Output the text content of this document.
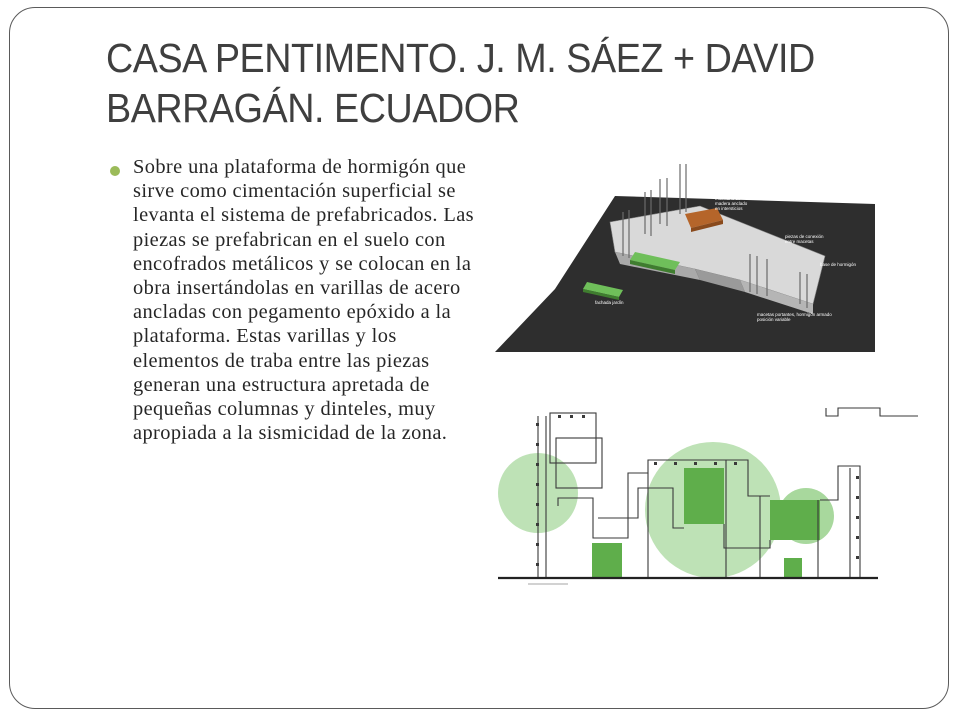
CASA PENTIMENTO. J. M. SÁEZ + DAVID BARRAGÁN. ECUADOR

Sobre una plataforma de hormigón que sirve como cimentación superficial se levanta el sistema de prefabricados. Las piezas se prefabrican en el suelo con encofrados metálicos y se colocan en la obra insertándolas en varillas de acero ancladas con pegamento epóxido a la plataforma. Estas varillas y los elementos de traba entre las piezas generan una estructura apretada de pequeñas columnas y dinteles, muy apropiada a la sismicidad de la zona.

mobiliario de madera anclado en intersticios
piezas de conexión entre macetas
base de hormigón
fachada jardín
macetas portantes, hormigón armado posición variable
